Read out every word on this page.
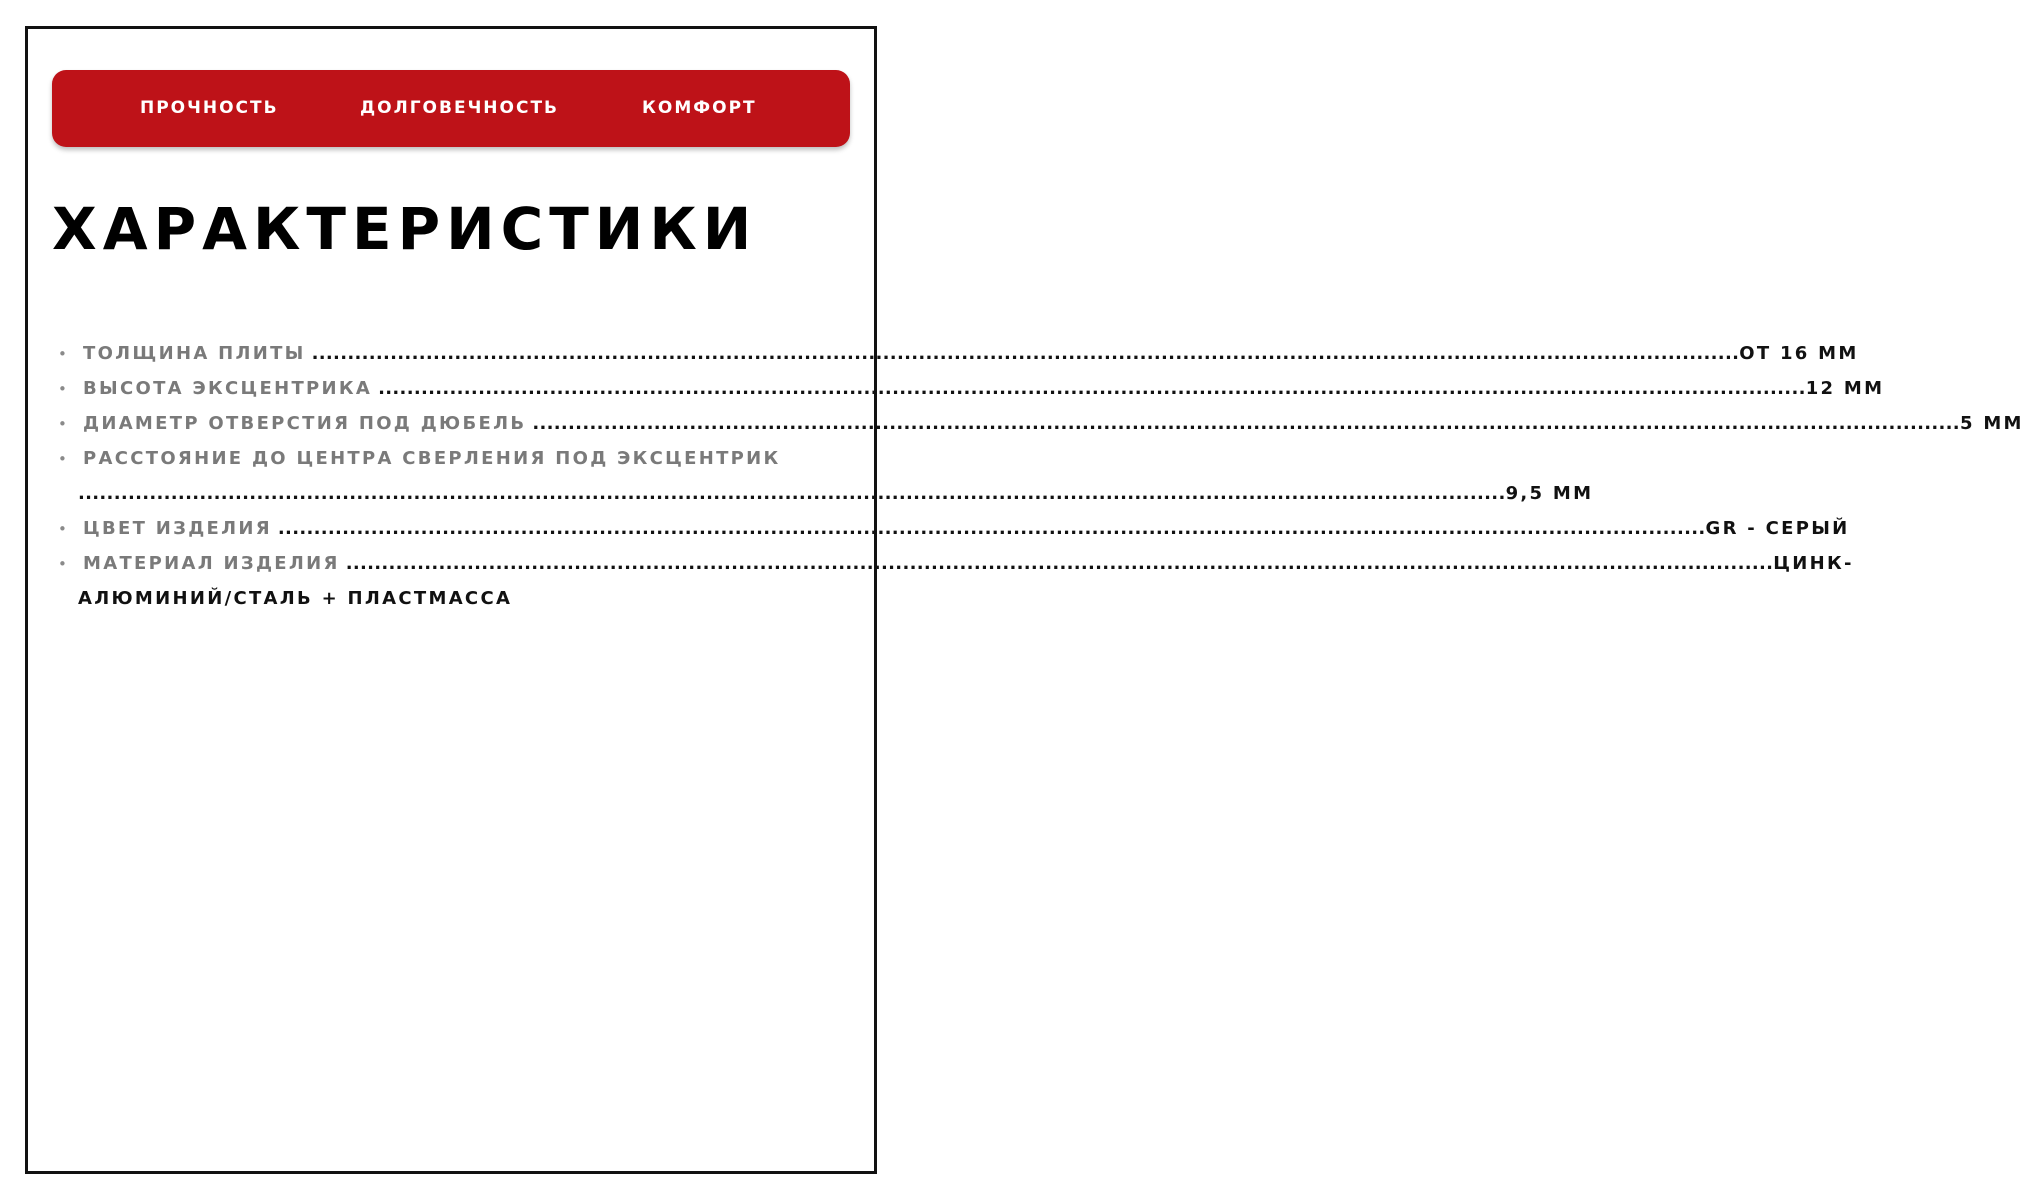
ПРОЧНОСТЬ	ДОЛГОВЕЧНОСТЬ	КОМФОРТ
ХАРАКТЕРИСТИКИ
• ТОЛЩИНА ПЛИТЫ ........................................................................................................................................................................................................ ОТ 16 ММ
• ВЫСОТА ЭКСЦЕНТРИКА ........................................................................................................................................................................................................ 12 ММ
• ДИАМЕТР ОТВЕРСТИЯ ПОД ДЮБЕЛЬ ........................................................................................................................................................................................................ 5 ММ
• РАССТОЯНИЕ ДО ЦЕНТРА СВЕРЛЕНИЯ ПОД ЭКСЦЕНТРИК
........................................................................................................................................................................................................ 9,5 ММ
• ЦВЕТ ИЗДЕЛИЯ ........................................................................................................................................................................................................ GR - СЕРЫЙ
• МАТЕРИАЛ ИЗДЕЛИЯ ........................................................................................................................................................................................................ ЦИНК-
АЛЮМИНИЙ/СТАЛЬ + ПЛАСТМАССА
